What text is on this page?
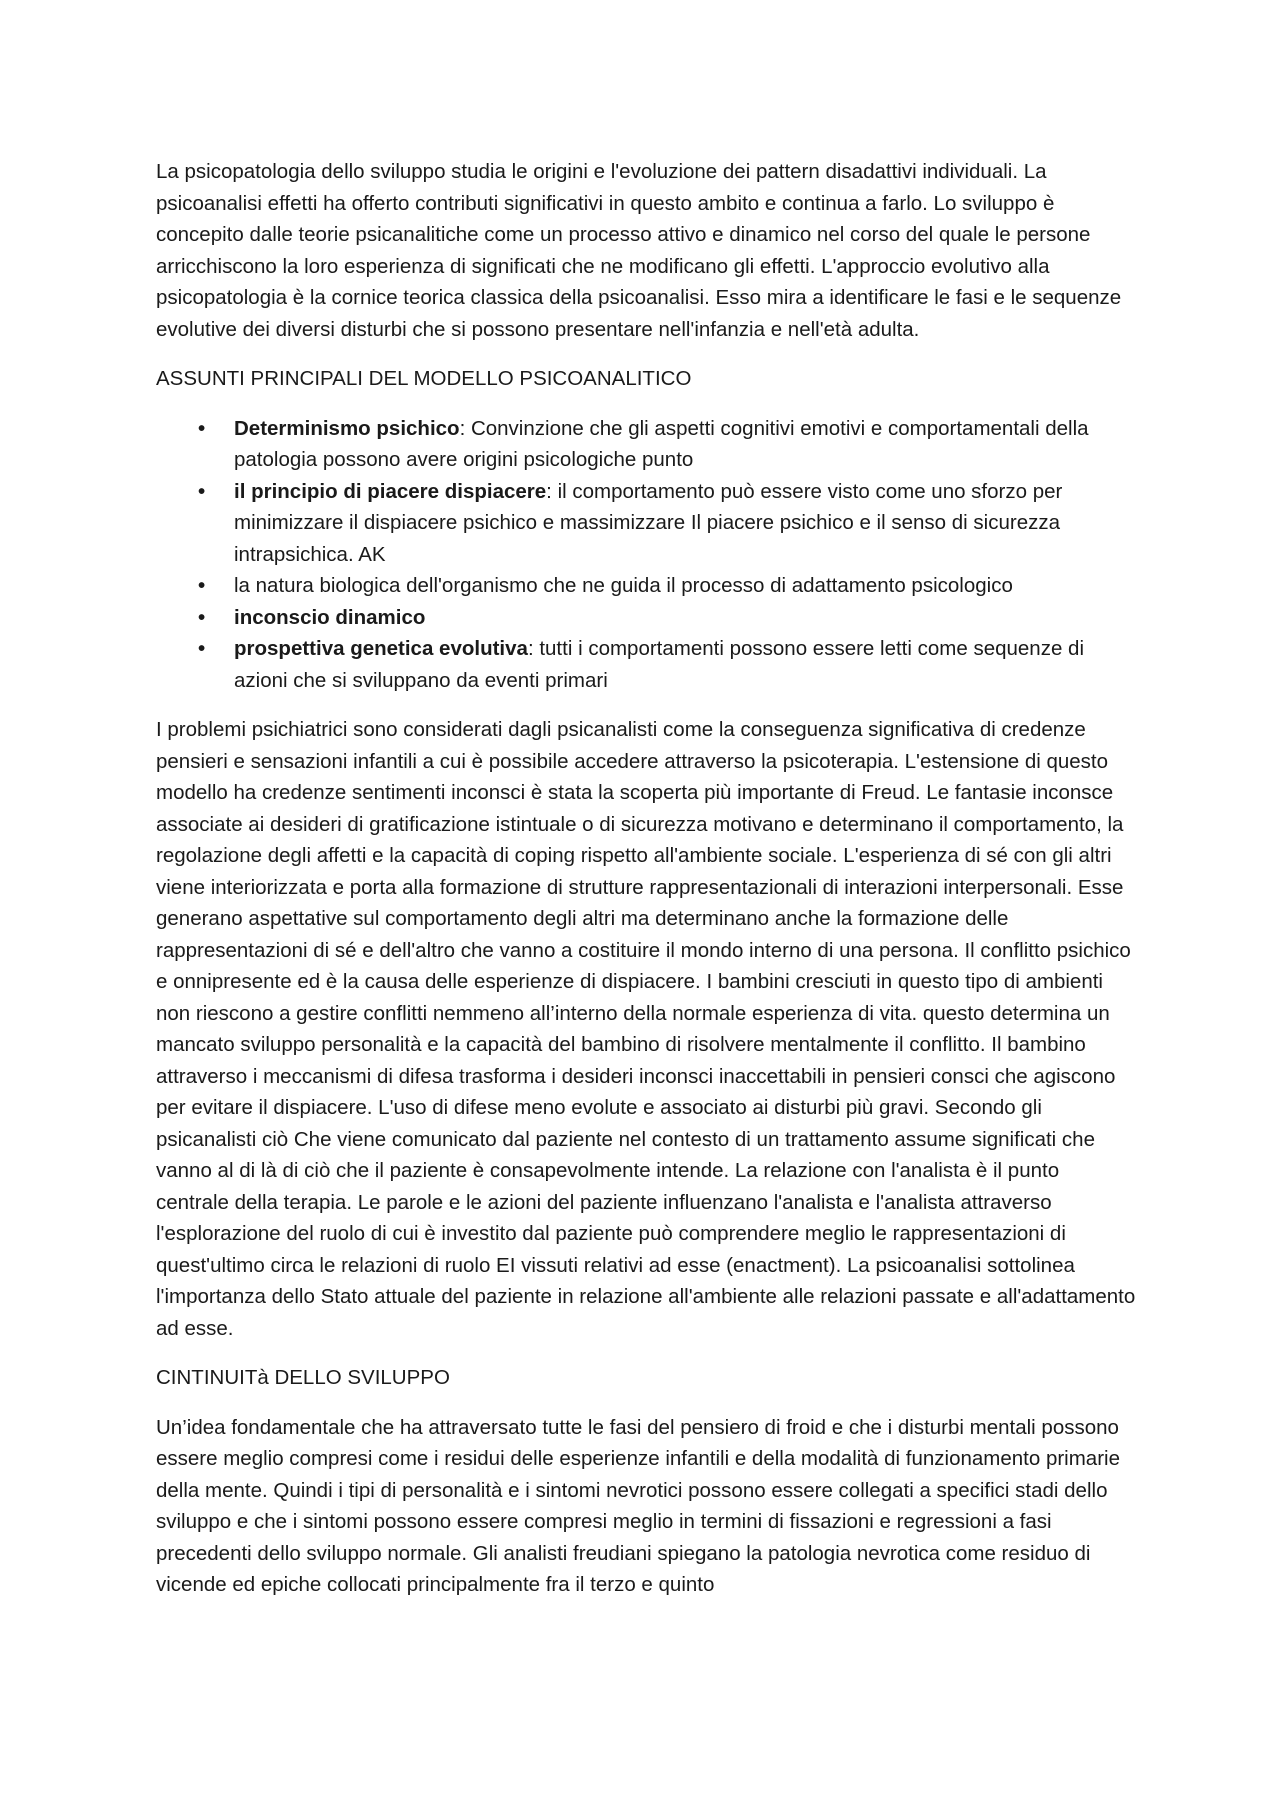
La psicopatologia dello sviluppo studia le origini e l'evoluzione dei pattern disadattivi individuali. La psicoanalisi effetti ha offerto contributi significativi in questo ambito e continua a farlo. Lo sviluppo è concepito dalle teorie psicanalitiche come un processo attivo e dinamico nel corso del quale le persone arricchiscono la loro esperienza di significati che ne modificano gli effetti. L'approccio evolutivo alla psicopatologia è la cornice teorica classica della psicoanalisi. Esso mira a identificare le fasi e le sequenze evolutive dei diversi disturbi che si possono presentare nell'infanzia e nell'età adulta.

ASSUNTI PRINCIPALI DEL MODELLO PSICOANALITICO
• Determinismo psichico: Convinzione che gli aspetti cognitivi emotivi e comportamentali della patologia possono avere origini psicologiche punto
• il principio di piacere dispiacere: il comportamento può essere visto come uno sforzo per minimizzare il dispiacere psichico e massimizzare Il piacere psichico e il senso di sicurezza intrapsichica. AK
• la natura biologica dell'organismo che ne guida il processo di adattamento psicologico
• inconscio dinamico
• prospettiva genetica evolutiva: tutti i comportamenti possono essere letti come sequenze di azioni che si sviluppano da eventi primari

I problemi psichiatrici sono considerati dagli psicanalisti come la conseguenza significativa di credenze pensieri e sensazioni infantili a cui è possibile accedere attraverso la psicoterapia. L'estensione di questo modello ha credenze sentimenti inconsci è stata la scoperta più importante di Freud. Le fantasie inconsce associate ai desideri di gratificazione istintuale o di sicurezza motivano e determinano il comportamento, la regolazione degli affetti e la capacità di coping rispetto all'ambiente sociale. L'esperienza di sé con gli altri viene interiorizzata e porta alla formazione di strutture rappresentazionali di interazioni interpersonali. Esse generano aspettative sul comportamento degli altri ma determinano anche la formazione delle rappresentazioni di sé e dell'altro che vanno a costituire il mondo interno di una persona. Il conflitto psichico e onnipresente ed è la causa delle esperienze di dispiacere. I bambini cresciuti in questo tipo di ambienti non riescono a gestire conflitti nemmeno all’interno della normale esperienza di vita. questo determina un mancato sviluppo personalità e la capacità del bambino di risolvere mentalmente il conflitto. Il bambino attraverso i meccanismi di difesa trasforma i desideri inconsci inaccettabili in pensieri consci che agiscono per evitare il dispiacere. L'uso di difese meno evolute e associato ai disturbi più gravi. Secondo gli psicanalisti ciò Che viene comunicato dal paziente nel contesto di un trattamento assume significati che vanno al di là di ciò che il paziente è consapevolmente intende. La relazione con l'analista è il punto centrale della terapia. Le parole e le azioni del paziente influenzano l'analista e l'analista attraverso l'esplorazione del ruolo di cui è investito dal paziente può comprendere meglio le rappresentazioni di quest'ultimo circa le relazioni di ruolo EI vissuti relativi ad esse (enactment). La psicoanalisi sottolinea l'importanza dello Stato attuale del paziente in relazione all'ambiente alle relazioni passate e all'adattamento ad esse.

CINTINUITà DELLO SVILUPPO

Un’idea fondamentale che ha attraversato tutte le fasi del pensiero di froid e che i disturbi mentali possono essere meglio compresi come i residui delle esperienze infantili e della modalità di funzionamento primarie della mente. Quindi i tipi di personalità e i sintomi nevrotici possono essere collegati a specifici stadi dello sviluppo e che i sintomi possono essere compresi meglio in termini di fissazioni e regressioni a fasi precedenti dello sviluppo normale. Gli analisti freudiani spiegano la patologia nevrotica come residuo di vicende ed epiche collocati principalmente fra il terzo e quinto
